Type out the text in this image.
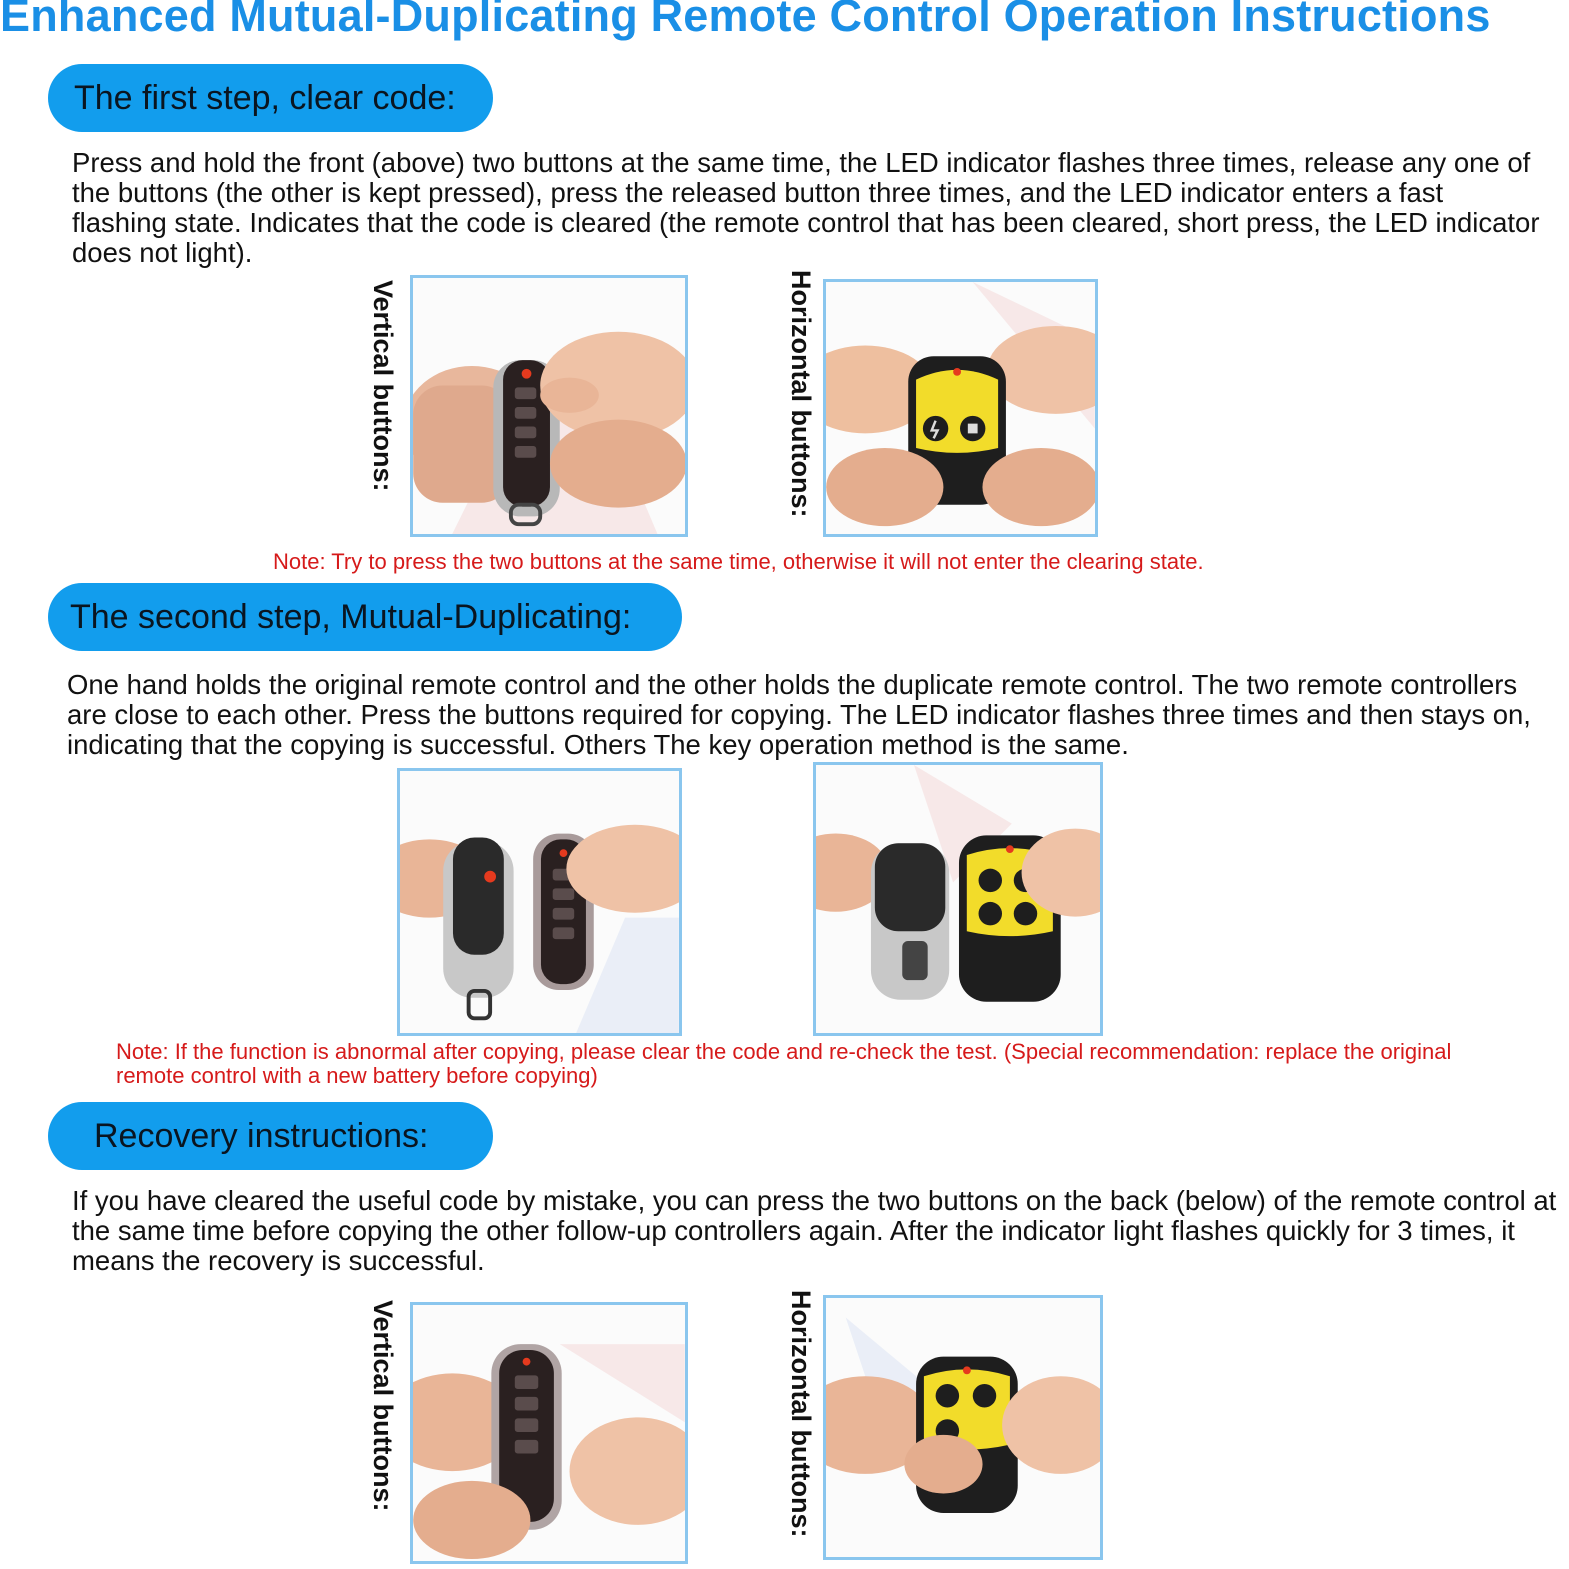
Enhanced Mutual-Duplicating Remote Control Operation Instructions
The first step, clear code:

Press and hold the front (above) two buttons at the same time, the LED indicator flashes three times, release any one of the buttons (the other is kept pressed), press the released button three times, and the LED indicator enters a fast flashing state. Indicates that the code is cleared (the remote control that has been cleared, short press, the LED indicator does not light).

Vertical buttons:	Horizontal buttons:

Note: Try to press the two buttons at the same time, otherwise it will not enter the clearing state.

The second step, Mutual-Duplicating:

One hand holds the original remote control and the other holds the duplicate remote control. The two remote controllers are close to each other. Press the buttons required for copying. The LED indicator flashes three times and then stays on, indicating that the copying is successful. Others The key operation method is the same.

Note: If the function is abnormal after copying, please clear the code and re-check the test. (Special recommendation: replace the original remote control with a new battery before copying)

Recovery instructions:

If you have cleared the useful code by mistake, you can press the two buttons on the back (below) of the remote control at the same time before copying the other follow-up controllers again. After the indicator light flashes quickly for 3 times, it means the recovery is successful.

Vertical buttons:	Horizontal buttons:
